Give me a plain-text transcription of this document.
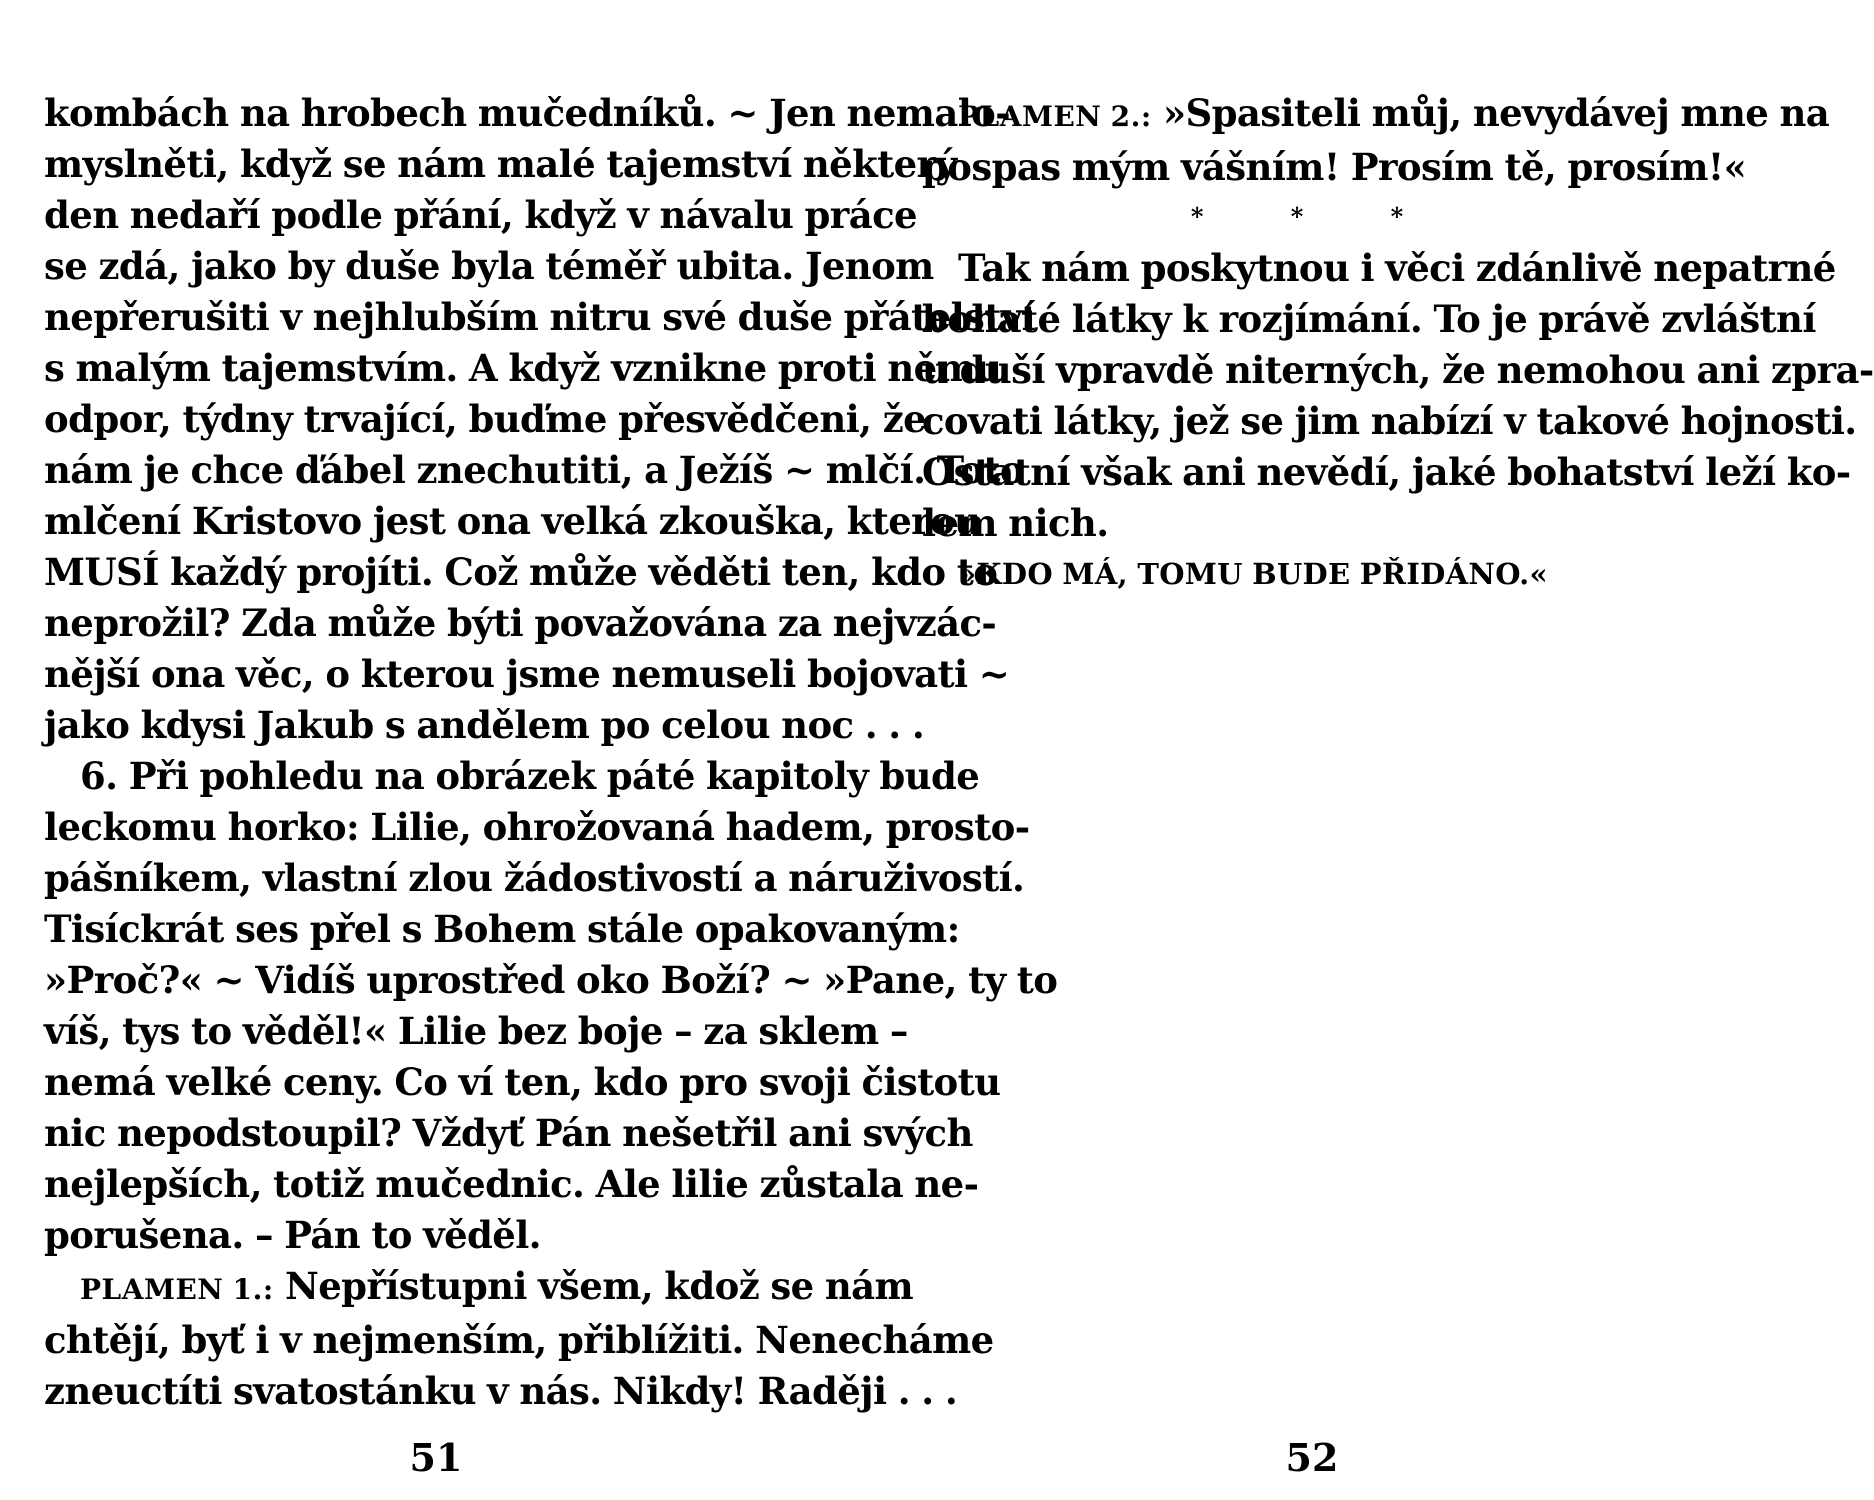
kombách na hrobech mučedníků. ~ Jen nemalo-
myslněti, když se nám malé tajemství některý
den nedaří podle přání, když v návalu práce
se zdá, jako by duše byla téměř ubita. Jenom
nepřerušiti v nejhlubším nitru své duše přátelství
s malým tajemstvím. A když vznikne proti němu
odpor, týdny trvající, buďme přesvědčeni, že
nám je chce ďábel znechutiti, a Ježíš ~ mlčí. Toto
mlčení Kristovo jest ona velká zkouška, kterou
MUSÍ každý projíti. Což může věděti ten, kdo to
neprožil? Zda může býti považována za nejvzác-
nější ona věc, o kterou jsme nemuseli bojovati ~
jako kdysi Jakub s andělem po celou noc . . .

6. Při pohledu na obrázek páté kapitoly bude
leckomu horko: Lilie, ohrožovaná hadem, prosto-
pášníkem, vlastní zlou žádostivostí a náruživostí.
Tisíckrát ses přel s Bohem stále opakovaným:
»Proč?« ~ Vidíš uprostřed oko Boží? ~ »Pane, ty to
víš, tys to věděl!« Lilie bez boje – za sklem –
nemá velké ceny. Co ví ten, kdo pro svoji čistotu
nic nepodstoupil? Vždyť Pán nešetřil ani svých
nejlepších, totiž mučednic. Ale lilie zůstala ne-
porušena. – Pán to věděl.

PLAMEN 1.: Nepřístupni všem, kdož se nám
chtějí, byť i v nejmenším, přiblížiti. Nenecháme
zneuctíti svatostánku v nás. Nikdy! Raději . . .

51

PLAMEN 2.: »Spasiteli můj, nevydávej mne na
pospas mým vášním! Prosím tě, prosím!«

* * *

Tak nám poskytnou i věci zdánlivě nepatrné
bohaté látky k rozjímání. To je právě zvláštní
u duší vpravdě niterných, že nemohou ani zpra-
covati látky, jež se jim nabízí v takové hojnosti.
Ostatní však ani nevědí, jaké bohatství leží ko-
lem nich.

»KDO MÁ, TOMU BUDE PŘIDÁNO.«

52
